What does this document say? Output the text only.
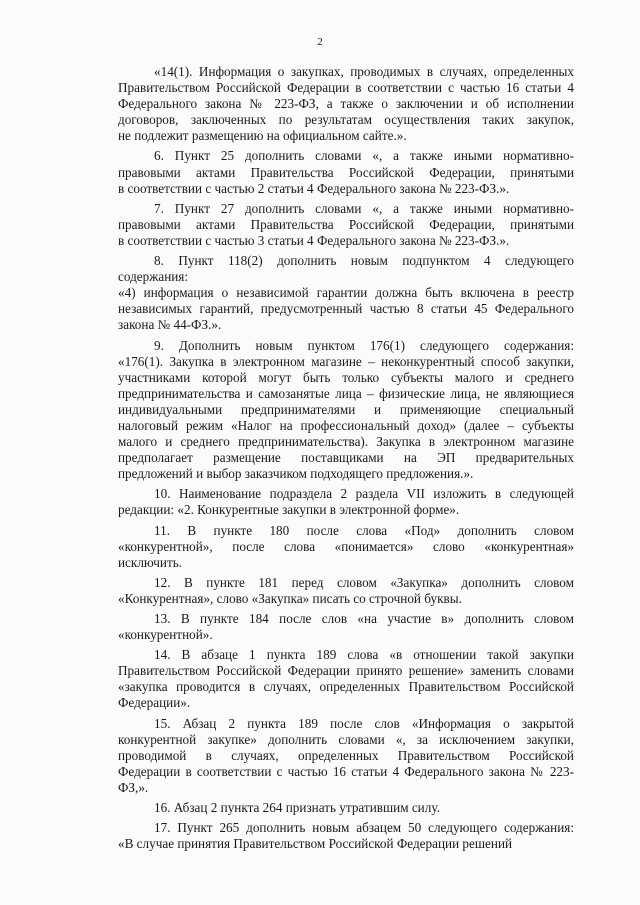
2
«14(1). Информация о закупках, проводимых в случаях, определенных
Правительством Российской Федерации в соответствии с частью 16 статьи 4
Федерального закона № 223-ФЗ, а также о заключении и об исполнении
договоров, заключенных по результатам осуществления таких закупок,
не подлежит размещению на официальном сайте.».
6. Пункт 25 дополнить словами «, а также иными нормативно-
правовыми актами Правительства Российской Федерации, принятыми
в соответствии с частью 2 статьи 4 Федерального закона № 223-ФЗ.».
7. Пункт 27 дополнить словами «, а также иными нормативно-
правовыми актами Правительства Российской Федерации, принятыми
в соответствии с частью 3 статьи 4 Федерального закона № 223-ФЗ.».
8. Пункт 118(2) дополнить новым подпунктом 4 следующего
содержания:
«4) информация о независимой гарантии должна быть включена в реестр
независимых гарантий, предусмотренный частью 8 статьи 45 Федерального
закона № 44-ФЗ.».
9. Дополнить новым пунктом 176(1) следующего содержания:
«176(1). Закупка в электронном магазине – неконкурентный способ закупки,
участниками которой могут быть только субъекты малого и среднего
предпринимательства и самозанятые лица – физические лица, не являющиеся
индивидуальными предпринимателями и применяющие специальный
налоговый режим «Налог на профессиональный доход» (далее – субъекты
малого и среднего предпринимательства). Закупка в электронном магазине
предполагает размещение поставщиками на ЭП предварительных
предложений и выбор заказчиком подходящего предложения.».
10. Наименование подраздела 2 раздела VII изложить в следующей
редакции: «2. Конкурентные закупки в электронной форме».
11. В пункте 180 после слова «Под» дополнить словом
«конкурентной», после слова «понимается» слово «конкурентная»
исключить.
12. В пункте 181 перед словом «Закупка» дополнить словом
«Конкурентная», слово «Закупка» писать со строчной буквы.
13. В пункте 184 после слов «на участие в» дополнить словом
«конкурентной».
14. В абзаце 1 пункта 189 слова «в отношении такой закупки
Правительством Российской Федерации принято решение» заменить словами
«закупка проводится в случаях, определенных Правительством Российской
Федерации».
15. Абзац 2 пункта 189 после слов «Информация о закрытой
конкурентной закупке» дополнить словами «, за исключением закупки,
проводимой в случаях, определенных Правительством Российской
Федерации в соответствии с частью 16 статьи 4 Федерального закона № 223-
ФЗ,».
16. Абзац 2 пункта 264 признать утратившим силу.
17. Пункт 265 дополнить новым абзацем 50 следующего содержания:
«В случае принятия Правительством Российской Федерации решений
